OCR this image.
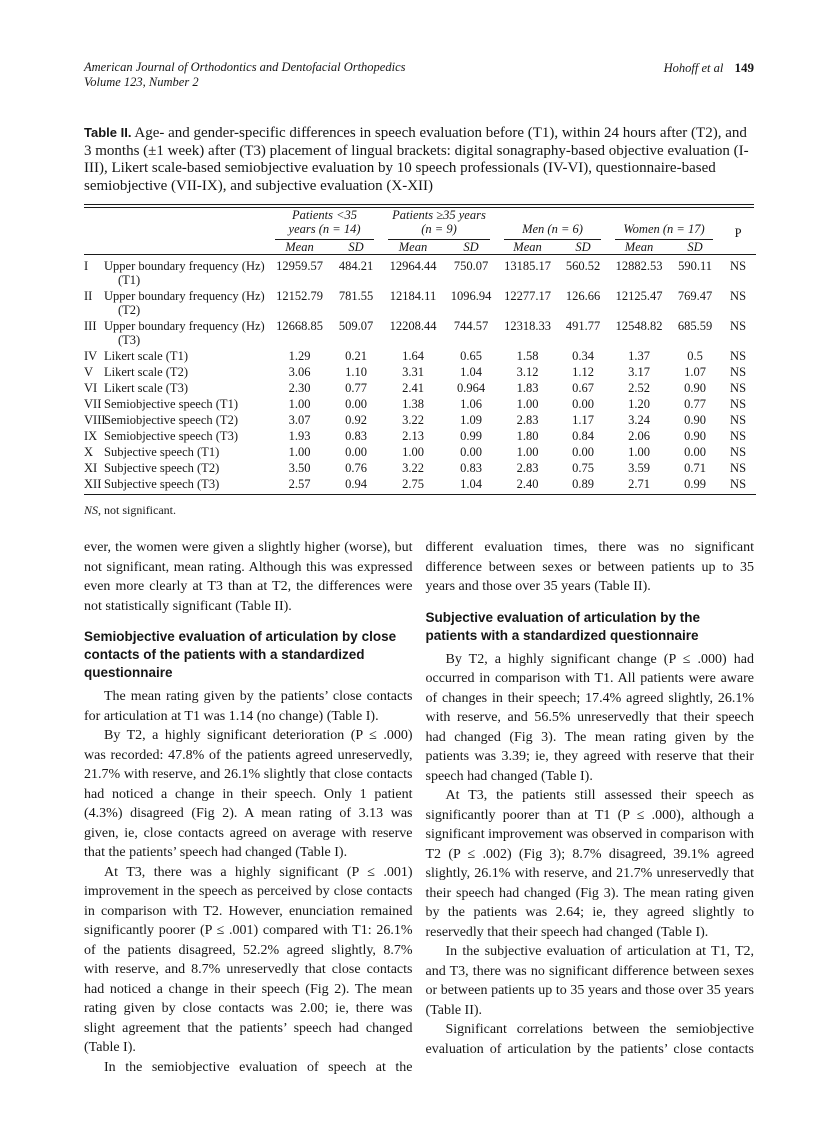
American Journal of Orthodontics and Dentofacial Orthopedics
Volume 123, Number 2
Hohoff et al 149
Table II. Age- and gender-specific differences in speech evaluation before (T1), within 24 hours after (T2), and 3 months (±1 week) after (T3) placement of lingual brackets: digital sonagraphy-based objective evaluation (I-III), Likert scale-based semiobjective evaluation by 10 speech professionals (IV-VI), questionnaire-based semiobjective (VII-IX), and subjective evaluation (X-XII)

		Patients <35 years (n = 14)		Patients ≥35 years (n = 9)		Men (n = 6)		Women (n = 17)		P
		Mean	SD	Mean	SD	Mean	SD	Mean	SD	
I	Upper boundary frequency (Hz) (T1)	12959.57	484.21	12964.44	750.07	13185.17	560.52	12882.53	590.11	NS
II	Upper boundary frequency (Hz) (T2)	12152.79	781.55	12184.11	1096.94	12277.17	126.66	12125.47	769.47	NS
III	Upper boundary frequency (Hz) (T3)	12668.85	509.07	12208.44	744.57	12318.33	491.77	12548.82	685.59	NS
IV	Likert scale (T1)	1.29	0.21	1.64	0.65	1.58	0.34	1.37	0.5	NS
V	Likert scale (T2)	3.06	1.10	3.31	1.04	3.12	1.12	3.17	1.07	NS
VI	Likert scale (T3)	2.30	0.77	2.41	0.964	1.83	0.67	2.52	0.90	NS
VII	Semiobjective speech (T1)	1.00	0.00	1.38	1.06	1.00	0.00	1.20	0.77	NS
VIII	Semiobjective speech (T2)	3.07	0.92	3.22	1.09	2.83	1.17	3.24	0.90	NS
IX	Semiobjective speech (T3)	1.93	0.83	2.13	0.99	1.80	0.84	2.06	0.90	NS
X	Subjective speech (T1)	1.00	0.00	1.00	0.00	1.00	0.00	1.00	0.00	NS
XI	Subjective speech (T2)	3.50	0.76	3.22	0.83	2.83	0.75	3.59	0.71	NS
XII	Subjective speech (T3)	2.57	0.94	2.75	1.04	2.40	0.89	2.71	0.99	NS
NS, not significant.

ever, the women were given a slightly higher (worse), but not significant, mean rating. Although this was expressed even more clearly at T3 than at T2, the differences were not statistically significant (Table II).

Semiobjective evaluation of articulation by close contacts of the patients with a standardized questionnaire

The mean rating given by the patients’ close contacts for articulation at T1 was 1.14 (no change) (Table I).

By T2, a highly significant deterioration (P ≤ .000) was recorded: 47.8% of the patients agreed unreservedly, 21.7% with reserve, and 26.1% slightly that close contacts had noticed a change in their speech. Only 1 patient (4.3%) disagreed (Fig 2). A mean rating of 3.13 was given, ie, close contacts agreed on average with reserve that the patients’ speech had changed (Table I).

At T3, there was a highly significant (P ≤ .001) improvement in the speech as perceived by close contacts in comparison with T2. However, enunciation remained significantly poorer (P ≤ .001) compared with T1: 26.1% of the patients disagreed, 52.2% agreed slightly, 8.7% with reserve, and 8.7% unreservedly that close contacts had noticed a change in their speech (Fig 2). The mean rating given by close contacts was 2.00; ie, there was slight agreement that the patients’ speech had changed (Table I).

In the semiobjective evaluation of speech at the

different evaluation times, there was no significant difference between sexes or between patients up to 35 years and those over 35 years (Table II).

Subjective evaluation of articulation by the patients with a standardized questionnaire

By T2, a highly significant change (P ≤ .000) had occurred in comparison with T1. All patients were aware of changes in their speech; 17.4% agreed slightly, 26.1% with reserve, and 56.5% unreservedly that their speech had changed (Fig 3). The mean rating given by the patients was 3.39; ie, they agreed with reserve that their speech had changed (Table I).

At T3, the patients still assessed their speech as significantly poorer than at T1 (P ≤ .000), although a significant improvement was observed in comparison with T2 (P ≤ .002) (Fig 3); 8.7% disagreed, 39.1% agreed slightly, 26.1% with reserve, and 21.7% unreservedly that their speech had changed (Fig 3). The mean rating given by the patients was 2.64; ie, they agreed slightly to reservedly that their speech had changed (Table I).

In the subjective evaluation of articulation at T1, T2, and T3, there was no significant difference between sexes or between patients up to 35 years and those over 35 years (Table II).

Significant correlations between the semiobjective evaluation of articulation by the patients’ close contacts
